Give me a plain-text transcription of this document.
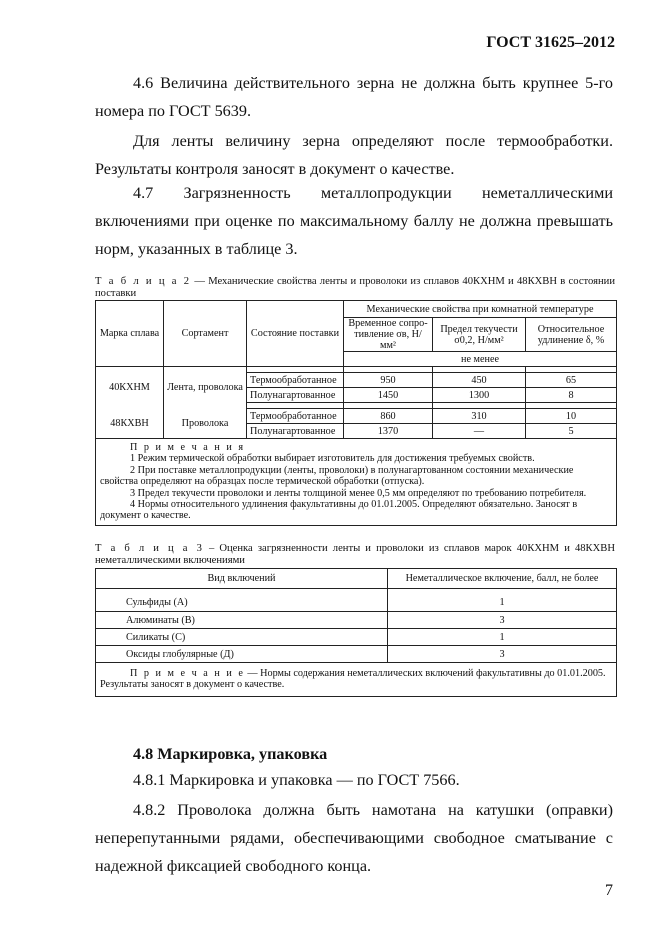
ГОСТ 31625–2012
4.6 Величина действительного зерна не должна быть крупнее 5-го
номера по ГОСТ 5639.
Для ленты величину зерна определяют после термообработки.
Результаты контроля заносят в документ о качестве.
4.7 Загрязненность металлопродукции неметаллическими
включениями при оценке по максимальному баллу не должна превышать
норм, указанных в таблице 3.
Т а б л и ц а 2 — Механические свойства ленты и проволоки из сплавов 40КХНМ и 48КХВН в состоянии поставки
Марка сплава	Сортамент	Состояние поставки	Механические свойства при комнатной температуре		
			Временное сопро- тивление σв, Н/мм²	Предел текучести σ0,2, Н/мм²	Относительное удлинение δ, %
			не менее		

40КХНМ	Лента, проволока	Термообработанное	950	450	65
		Полунагартованное	1450	1300	8

48КХВН	Проволока	Термообработанное	860	310	10
		Полунагартованное	1370	—	5

П р и м е ч а н и я
1 Режим термической обработки выбирает изготовитель для достижения требуемых свойств.
2 При поставке металлопродукции (ленты, проволоки) в полунагартованном состоянии механические свойства определяют на образцах после термической обработки (отпуска).
3 Предел текучести проволоки и ленты толщиной менее 0,5 мм определяют по требованию потребителя.
4 Нормы относительного удлинения факультативны до 01.01.2005. Определяют обязательно. Заносят в документ о качестве.					
Т а б л и ц а 3 – Оценка загрязненности ленты и проволоки из сплавов марок 40КХНМ и 48КХВН неметаллическими включениями
Вид включений	Неметаллическое включение, балл, не более

Сульфиды (А)	1
Алюминаты (В)	3
Силикаты (С)	1
Оксиды глобулярные (Д)	3

П р и м е ч а н и е — Нормы содержания неметаллических включений факультативны до 01.01.2005. Результаты заносят в документ о качестве.	
4.8 Маркировка, упаковка
4.8.1 Маркировка и упаковка — по ГОСТ 7566.
4.8.2 Проволока должна быть намотана на катушки (оправки)
неперепутанными рядами, обеспечивающими свободное сматывание с
надежной фиксацией свободного конца.
7
